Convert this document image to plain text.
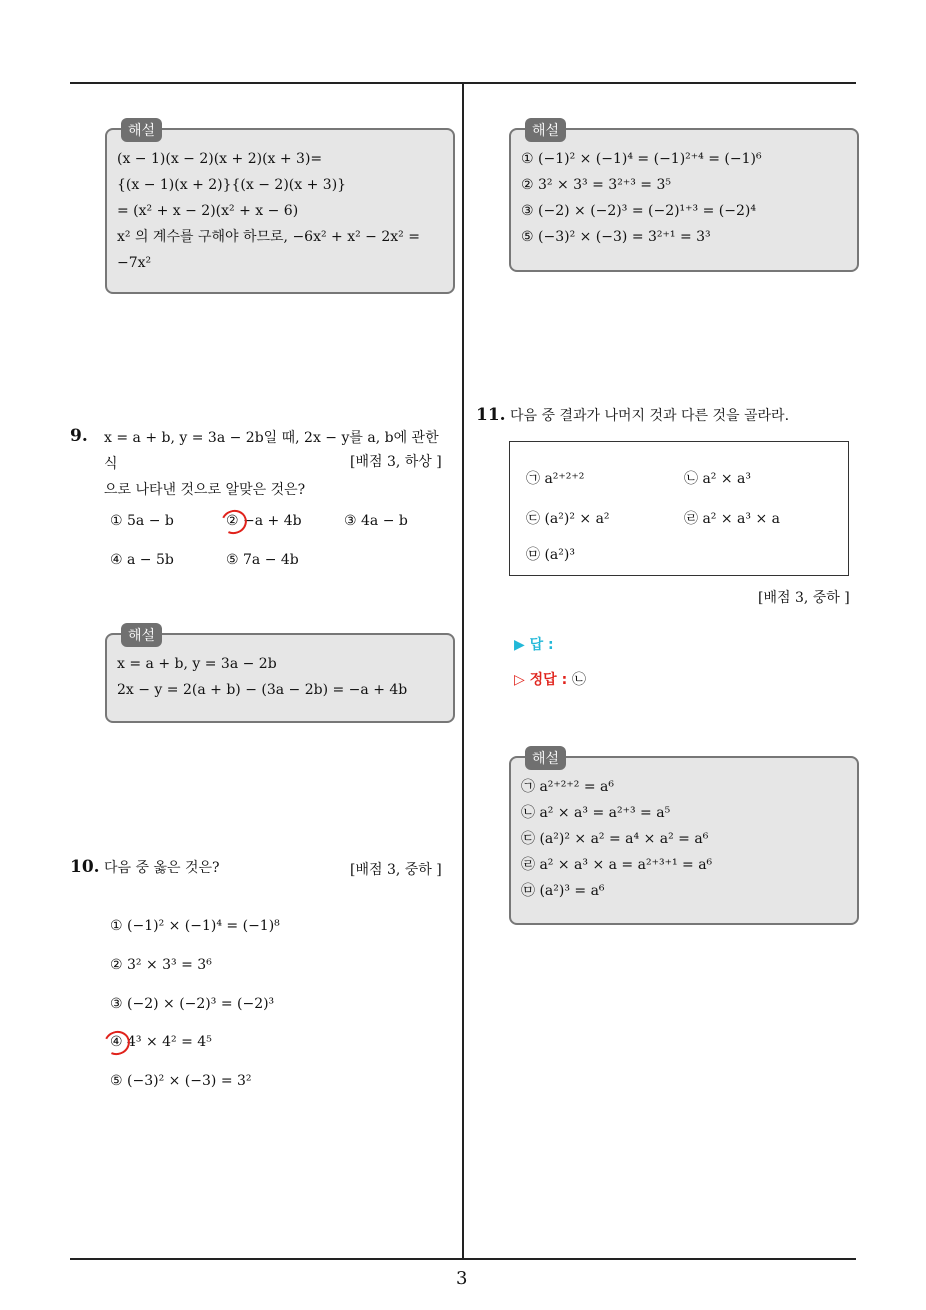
3
해설
(x − 1)(x − 2)(x + 2)(x + 3)=
{(x − 1)(x + 2)}{(x − 2)(x + 3)}
= (x² + x − 2)(x² + x − 6)
x² 의 계수를 구해야 하므로, −6x² + x² − 2x² =
−7x²
9. x = a + b, y = 3a − 2b일 때, 2x − y를 a, b에 관한 식
으로 나타낸 것으로 알맞은 것은?
[배점 3, 하상 ]
① 5a − b	② −a + 4b	③ 4a − b
④ a − 5b	⑤ 7a − 4b
해설
x = a + b, y = 3a − 2b
2x − y = 2(a + b) − (3a − 2b) = −a + 4b
10. 다음 중 옳은 것은?	[배점 3, 중하 ]
① (−1)² × (−1)⁴ = (−1)⁸
② 3² × 3³ = 3⁶
③ (−2) × (−2)³ = (−2)³
④ 4³ × 4² = 4⁵
⑤ (−3)² × (−3) = 3²
해설
① (−1)² × (−1)⁴ = (−1)²⁺⁴ = (−1)⁶
② 3² × 3³ = 3²⁺³ = 3⁵
③ (−2) × (−2)³ = (−2)¹⁺³ = (−2)⁴
⑤ (−3)² × (−3) = 3²⁺¹ = 3³
11. 다음 중 결과가 나머지 것과 다른 것을 골라라.
㉠ a²⁺²⁺²	㉡ a² × a³
㉢ (a²)² × a²	㉣ a² × a³ × a
㉤ (a²)³
[배점 3, 중하 ]
▶ 답 :
▷ 정답 : ㉡
해설
㉠ a²⁺²⁺² = a⁶
㉡ a² × a³ = a²⁺³ = a⁵
㉢ (a²)² × a² = a⁴ × a² = a⁶
㉣ a² × a³ × a = a²⁺³⁺¹ = a⁶
㉤ (a²)³ = a⁶
